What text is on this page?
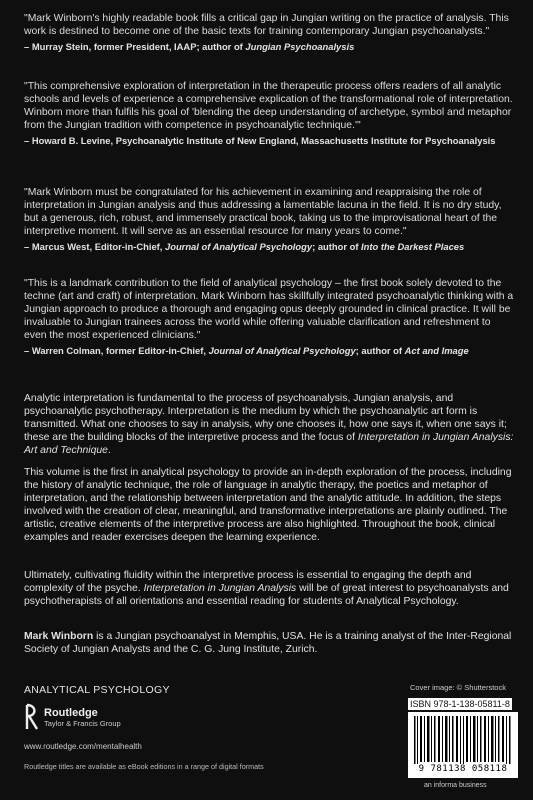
"Mark Winborn's highly readable book fills a critical gap in Jungian writing on the practice of analysis. This work is destined to become one of the basic texts for training contemporary Jungian psychoanalysts."

– Murray Stein, former President, IAAP; author of Jungian Psychoanalysis

"This comprehensive exploration of interpretation in the therapeutic process offers readers of all analytic schools and levels of experience a comprehensive explication of the transformational role of interpretation. Winborn more than fulfils his goal of 'blending the deep understanding of archetype, symbol and metaphor from the Jungian tradition with competence in psychoanalytic technique.'"

– Howard B. Levine, Psychoanalytic Institute of New England, Massachusetts Institute for Psychoanalysis

"Mark Winborn must be congratulated for his achievement in examining and reappraising the role of interpretation in Jungian analysis and thus addressing a lamentable lacuna in the field. It is no dry study, but a generous, rich, robust, and immensely practical book, taking us to the improvisational heart of the interpretive moment. It will serve as an essential resource for many years to come."

– Marcus West, Editor-in-Chief, Journal of Analytical Psychology; author of Into the Darkest Places

"This is a landmark contribution to the field of analytical psychology – the first book solely devoted to the techne (art and craft) of interpretation. Mark Winborn has skillfully integrated psychoanalytic thinking with a Jungian approach to produce a thorough and engaging opus deeply grounded in clinical practice. It will be invaluable to Jungian trainees across the world while offering valuable clarification and refreshment to even the most experienced clinicians."

– Warren Colman, former Editor-in-Chief, Journal of Analytical Psychology; author of Act and Image

Analytic interpretation is fundamental to the process of psychoanalysis, Jungian analysis, and psychoanalytic psychotherapy. Interpretation is the medium by which the psychoanalytic art form is transmitted. What one chooses to say in analysis, why one chooses it, how one says it, when one says it; these are the building blocks of the interpretive process and the focus of Interpretation in Jungian Analysis: Art and Technique.

This volume is the first in analytical psychology to provide an in-depth exploration of the process, including the history of analytic technique, the role of language in analytic therapy, the poetics and metaphor of interpretation, and the relationship between interpretation and the analytic attitude. In addition, the steps involved with the creation of clear, meaningful, and transformative interpretations are plainly outlined. The artistic, creative elements of the interpretive process are also highlighted. Throughout the book, clinical examples and reader exercises deepen the learning experience.

Ultimately, cultivating fluidity within the interpretive process is essential to engaging the depth and complexity of the psyche. Interpretation in Jungian Analysis will be of great interest to psychoanalysts and psychotherapists of all orientations and essential reading for students of Analytical Psychology.

Mark Winborn is a Jungian psychoanalyst in Memphis, USA. He is a training analyst of the Inter-Regional Society of Jungian Analysts and the C. G. Jung Institute, Zurich.

ANALYTICAL PSYCHOLOGY
Routledge
Taylor & Francis Group
www.routledge.com/mentalhealth
Routledge titles are available as eBook editions in a range of digital formats
Cover image: © Shutterstock
ISBN 978-1-138-05811-8
9 781138 058118
an informa business
